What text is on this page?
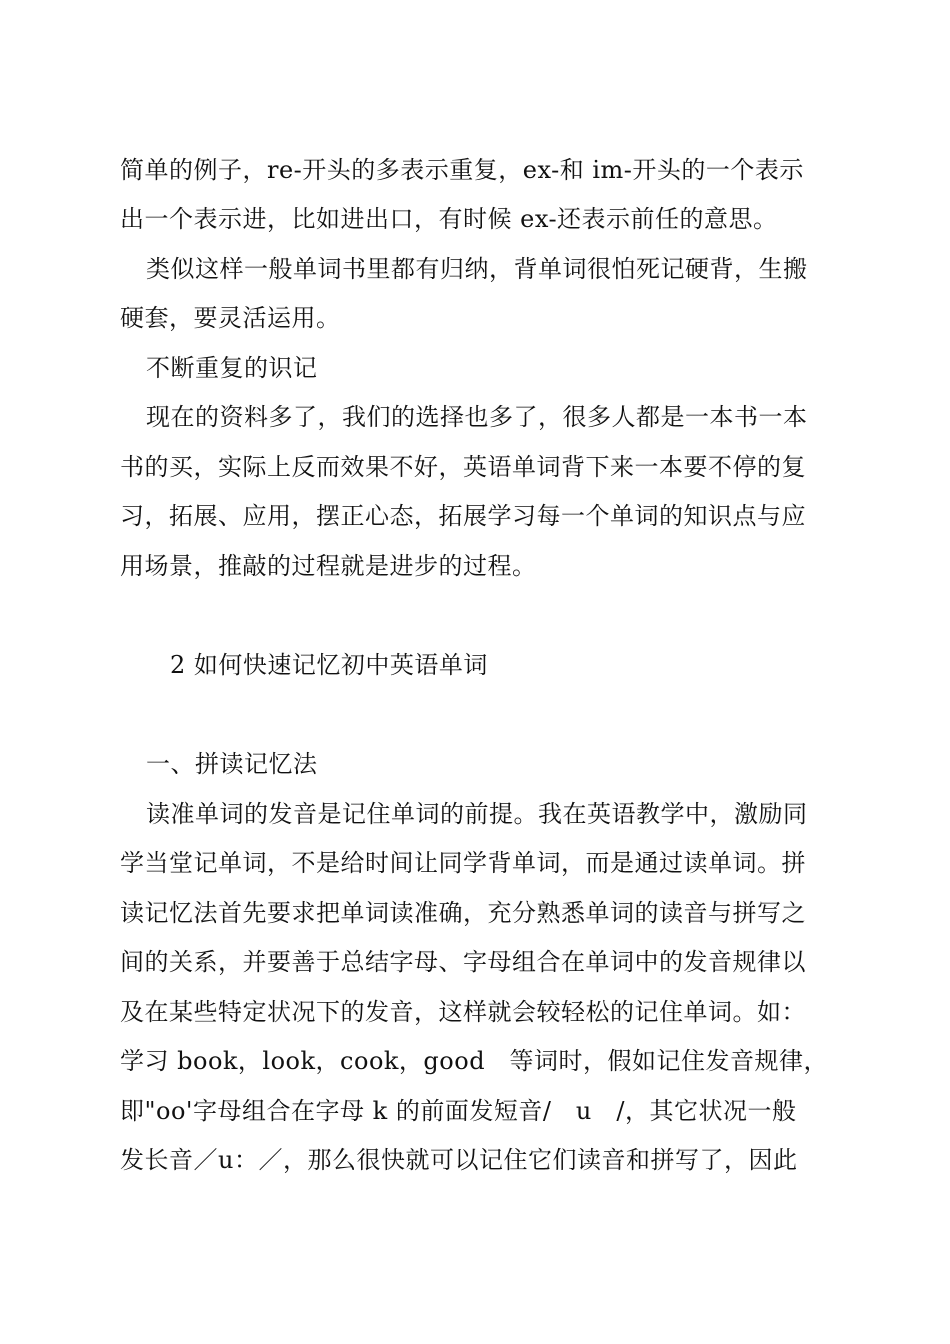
简单的例子，re-开头的多表示重复，ex-和 im-开头的一个表示
出一个表示进，比如进出口，有时候 ex-还表示前任的意思。
类似这样一般单词书里都有归纳，背单词很怕死记硬背，生搬
硬套，要灵活运用。
不断重复的识记
现在的资料多了，我们的选择也多了，很多人都是一本书一本
书的买，实际上反而效果不好，英语单词背下来一本要不停的复
习，拓展、应用，摆正心态，拓展学习每一个单词的知识点与应
用场景，推敲的过程就是进步的过程。
2 如何快速记忆初中英语单词
一、拼读记忆法
读准单词的发音是记住单词的前提。我在英语教学中，激励同
学当堂记单词，不是给时间让同学背单词，而是通过读单词。拼
读记忆法首先要求把单词读准确，充分熟悉单词的读音与拼写之
间的关系，并要善于总结字母、字母组合在单词中的发音规律以
及在某些特定状况下的发音，这样就会较轻松的记住单词。如：
学习 book，look，cook，good　等词时，假如记住发音规律，
即"oo'字母组合在字母 k 的前面发短音/　u　/，其它状况一般
发长音／u：／，那么很快就可以记住它们读音和拼写了，因此
